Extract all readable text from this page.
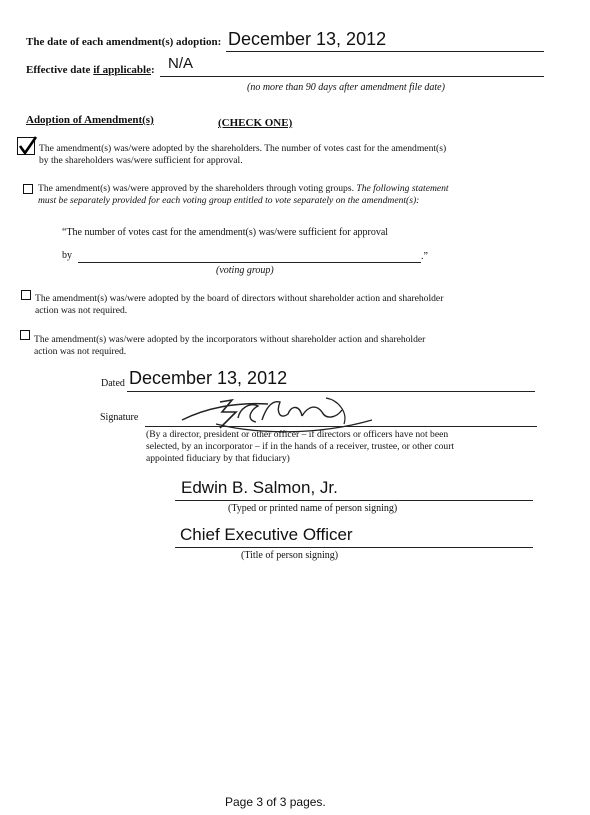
The date of each amendment(s) adoption: December 13, 2012
Effective date if applicable: N/A
(no more than 90 days after amendment file date)
Adoption of Amendment(s)	(CHECK ONE)
The amendment(s) was/were adopted by the shareholders. The number of votes cast for the amendment(s)
by the shareholders was/were sufficient for approval.
The amendment(s) was/were approved by the shareholders through voting groups. The following statement
must be separately provided for each voting group entitled to vote separately on the amendment(s):
“The number of votes cast for the amendment(s) was/were sufficient for approval
by	.”
(voting group)
The amendment(s) was/were adopted by the board of directors without shareholder action and shareholder
action was not required.
The amendment(s) was/were adopted by the incorporators without shareholder action and shareholder
action was not required.
Dated December 13, 2012
Signature
(By a director, president or other officer – if directors or officers have not been
selected, by an incorporator – if in the hands of a receiver, trustee, or other court
appointed fiduciary by that fiduciary)
Edwin B. Salmon, Jr.
(Typed or printed name of person signing)
Chief Executive Officer
(Title of person signing)
Page 3 of 3 pages.
